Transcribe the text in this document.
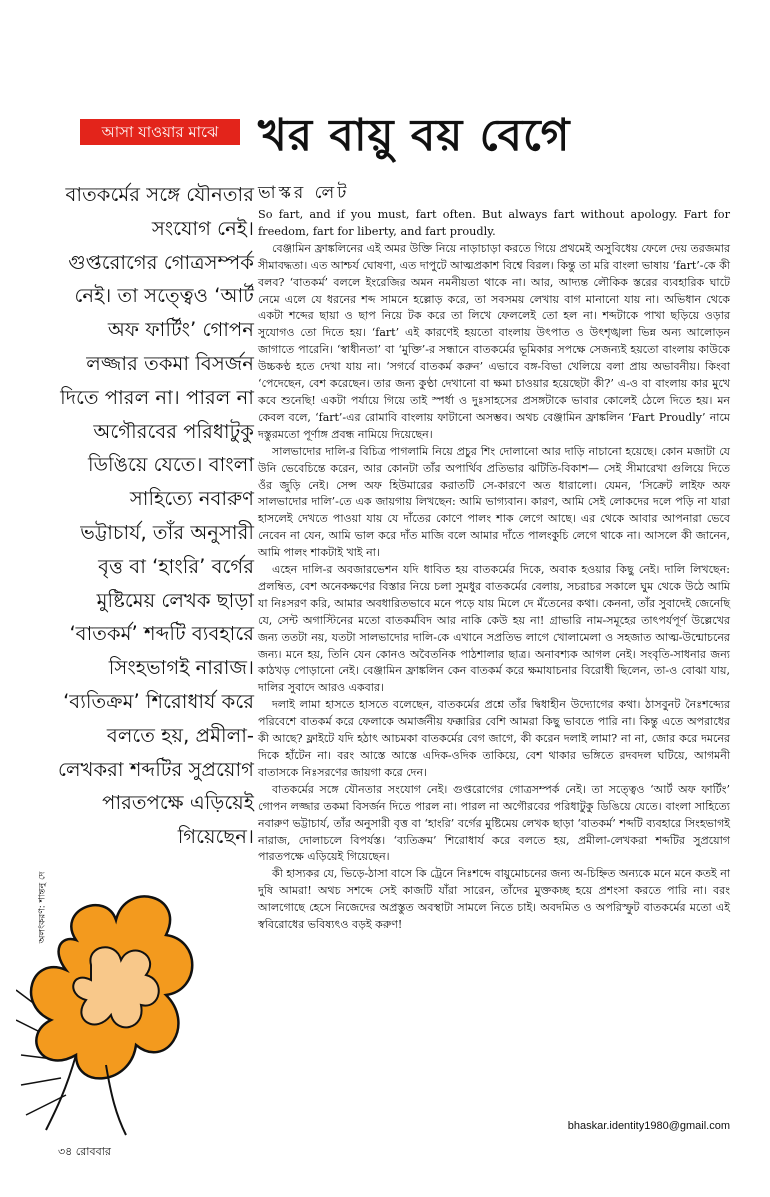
আসা যাওয়ার মাঝে খর বায়ু বয় বেগে
ভাস্কর লেট

বাতকর্মের সঙ্গে যৌনতার সংযোগ নেই। গুপ্তরোগের গোত্রসম্পর্ক নেই। তা সত্ত্বেও ‘আর্ট অফ ফার্টিং’ গোপন লজ্জার তকমা বিসর্জন দিতে পারল না। পারল না অগৌরবের পরিধাটুকু ডিঙিয়ে যেতে। বাংলা সাহিত্যে নবারুণ ভট্টাচার্য, তাঁর অনুসারী বৃত্ত বা ‘হাংরি’ বর্গের মুষ্টিমেয় লেখক ছাড়া ‘বাতকর্ম’ শব্দটি ব্যবহারে সিংহভাগই নারাজ। ‘ব্যতিক্রম’ শিরোধার্য করে বলতে হয়, প্রমীলা-লেখকরা শব্দটির সুপ্রয়োগ পারতপক্ষে এড়িয়েই গিয়েছেন।

অলংকরণ: শান্তনু দে

So fart, and if you must, fart often. But always fart without apology. Fart for freedom, fart for liberty, and fart proudly.

বেঞ্জামিন ফ্রাঙ্কলিনের এই অমর উক্তি নিয়ে নাড়াচাড়া করতে গিয়ে প্রথমেই অসুবিধেয় ফেলে দেয় তরজমার সীমাবদ্ধতা। এত আশ্চর্য ঘোষণা, এত দাপুটে আত্মপ্রকাশ বিশ্বে বিরল। কিন্তু তা মরি বাংলা ভাষায় ‘fart’-কে কী বলব? ‘বাতকর্ম’ বললে ইংরেজির অমন নমনীয়তা থাকে না। আর, আদ্যন্ত লৌকিক স্তরের ব্যবহারিক ঘাটে নেমে এলে যে ধরনের শব্দ সামনে হল্লোড় করে, তা সবসময় লেখায় বাগ মানানো যায় না। অভিধান থেকে একটা শব্দের ছায়া ও ছাপ নিয়ে টক করে তা লিখে ফেললেই তো হল না। শব্দটাকে পাখা ছড়িয়ে ওড়ার সুযোগও তো দিতে হয়। ‘fart’ এই কারণেই হয়তো বাংলায় উৎপাত ও উৎশৃঙ্খলা ভিন্ন অন্য আলোড়ন জাগাতে পারেনি। ‘স্বাধীনতা’ বা ‘মুক্তি’-র সন্ধানে বাতকর্মের ভূমিকার সপক্ষে সেজন্যই হয়তো বাংলায় কাউকে উচ্চকণ্ঠ হতে দেখা যায় না। ‘সগর্বে বাতকর্ম করুন’ এভাবে বঙ্গ-বিভা খেলিয়ে বলা প্রায় অভাবনীয়। কিংবা ‘পেদেছেন, বেশ করেছেন। তার জন্য কুণ্ঠা দেখানো বা ক্ষমা চাওয়ার হয়েছেটা কী?’ এ-ও বা বাংলায় কার মুখে কবে শুনেছি! একটা পর্যায়ে গিয়ে তাই স্পর্ধা ও দুঃসাহসের প্রসঙ্গটাকে ভাবার কোলেই ঠেলে দিতে হয়। মন কেবল বলে, ‘fart’-এর রোমাবি বাংলায় ফাটানো অসম্ভব। অথচ বেঞ্জামিন ফ্রাঙ্কলিন ‘Fart Proudly’ নামে দস্তুরমতো পূর্ণাঙ্গ প্রবন্ধ নামিয়ে দিয়েছেন।

সালভাদোর দালি-র বিচিত্র পাগলামি নিয়ে প্রচুর শিং দোলানো আর দাড়ি নাচানো হয়েছে। কোন মজাটা যে উনি ভেবেচিন্তে করেন, আর কোনটা তাঁর অপার্থিব প্রতিভার ঝটিতি-বিকাশ— সেই সীমারেখা গুলিয়ে দিতে ওঁর জুড়ি নেই। সেন্স অফ হিউমারের করাতটি সে-কারণে অত ধারালো। যেমন, ‘সিক্রেট লাইফ অফ সালভাদোর দালি’-তে এক জায়গায় লিখছেন: আমি ভাগ্যবান। কারণ, আমি সেই লোকদের দলে পড়ি না যারা হাসলেই দেখতে পাওয়া যায় যে দাঁতের কোণে পালং শাক লেগে আছে। এর থেকে আবার আপনারা ভেবে নেবেন না যেন, আমি ভাল করে দাঁত মাজি বলে আমার দাঁতে পালংকুচি লেগে থাকে না। আসলে কী জানেন, আমি পালং শাকটাই খাই না।

এহেন দালি-র অবজারভেশন যদি ধাবিত হয় বাতকর্মের দিকে, অবাক হওয়ার কিছু নেই। দালি লিখছেন: প্রলম্বিত, বেশ অনেকক্ষণের বিস্তার নিয়ে চলা সুমধুর বাতকর্মের বেলায়, সচরাচর সকালে ঘুম থেকে উঠে আমি যা নিঃসরণ করি, আমার অবধারিতভাবে মনে পড়ে যায় মিলে দে মঁতেনের কথা। কেননা, তাঁর সুবাদেই জেনেছি যে, সেন্ট অগাস্টিনের মতো বাতকর্মবিদ আর নাকি কেউ হয় না! গ্রাভারি নাম-সমূহের তাৎপর্যপূর্ণ উল্লেখের জন্য ততটা নয়, যতটা সালভাদোর দালি-কে এখানে সপ্রতিভ লাগে খোলামেলা ও সহজাত আত্ম-উন্মোচনের জন্য। মনে হয়, তিনি যেন কোনও অবৈতনিক পাঠশালার ছাত্র। অনাবশ্যক আগল নেই। সংবৃতি-সাধনার জন্য কাঠখড় পোড়ানো নেই। বেঞ্জামিন ফ্রাঙ্কলিন কেন বাতকর্ম করে ক্ষমাযাচনার বিরোধী ছিলেন, তা-ও বোঝা যায়, দালির সুবাদে আরও একবার।

দলাই লামা হাসতে হাসতে বলেছেন, বাতকর্মের প্রশ্নে তাঁর দ্বিধাহীন উদ্যোগের কথা। ঠাসবুনট নৈঃশব্দ্যের পরিবেশে বাতকর্ম করে ফেলাকে অমার্জনীয় ফক্কারির বেশি আমরা কিছু ভাবতে পারি না। কিন্তু এতে অপরাধের কী আছে? ফ্লাইটে যদি হঠাৎ আচমকা বাতকর্মের বেগ জাগে, কী করেন দলাই লামা? না না, জোর করে দমনের দিকে হাঁটেন না। বরং আস্তে আস্তে এদিক-ওদিক তাকিয়ে, বেশ থাকার ভঙ্গিতে রদবদল ঘটিয়ে, আগমনী বাতাসকে নিঃসরণের জায়গা করে দেন।

বাতকর্মের সঙ্গে যৌনতার সংযোগ নেই। গুপ্তরোগের গোত্রসম্পর্ক নেই। তা সত্ত্বেও ‘আর্ট অফ ফার্টিং’ গোপন লজ্জার তকমা বিসর্জন দিতে পারল না। পারল না অগৌরবের পরিধাটুকু ডিঙিয়ে যেতে। বাংলা সাহিত্যে নবারুণ ভট্টাচার্য, তাঁর অনুসারী বৃত্ত বা ‘হাংরি’ বর্গের মুষ্টিমেয় লেখক ছাড়া ‘বাতকর্ম’ শব্দটি ব্যবহারে সিংহভাগই নারাজ, দোলাচলে বিপর্যস্ত। ‘ব্যতিক্রম’ শিরোধার্য করে বলতে হয়, প্রমীলা-লেখকরা শব্দটির সুপ্রয়োগ পারতপক্ষে এড়িয়েই গিয়েছেন।

কী হাস্যকর যে, ভিড়ে-ঠাসা বাসে কি ট্রেনে নিঃশব্দে বায়ুমোচনের জন্য অ-চিহ্নিত অন্যকে মনে মনে কতই না দুষি আমরা! অথচ সশব্দে সেই কাজটি যাঁরা সারেন, তাঁদের মুক্তকচ্ছ হয়ে প্রশংসা করতে পারি না। বরং আলগোছে হেসে নিজেদের অপ্রস্তুত অবস্থাটা সামলে নিতে চাই। অবদমিত ও অপরিস্ফুট বাতকর্মের মতো এই স্ববিরোধের ভবিষ্যৎও বড়ই করুণ!

bhaskar.identity1980@gmail.com
৩৪ রোববার
